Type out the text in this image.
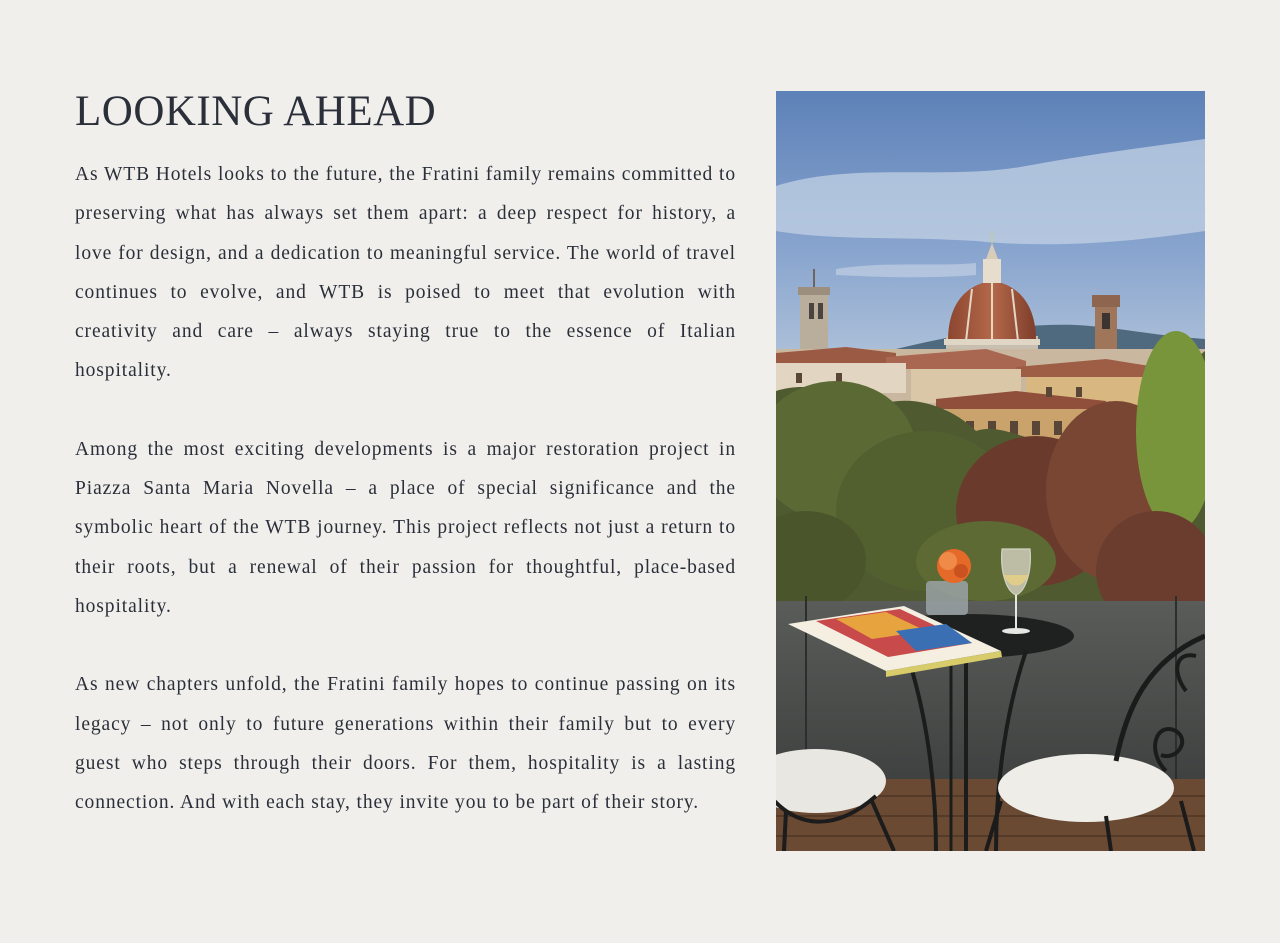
LOOKING AHEAD

As WTB Hotels looks to the future, the Fratini family remains committed to preserving what has always set them apart: a deep respect for history, a love for design, and a dedication to meaningful service. The world of travel continues to evolve, and WTB is poised to meet that evolution with creativity and care – always staying true to the essence of Italian hospitality.

Among the most exciting developments is a major restoration project in Piazza Santa Maria Novella – a place of special significance and the symbolic heart of the WTB journey. This project reflects not just a return to their roots, but a renewal of their passion for thoughtful, place-based hospitality.

As new chapters unfold, the Fratini family hopes to continue passing on its legacy – not only to future generations within their family but to every guest who steps through their doors. For them, hospitality is a lasting connection. And with each stay, they invite you to be part of their story.
